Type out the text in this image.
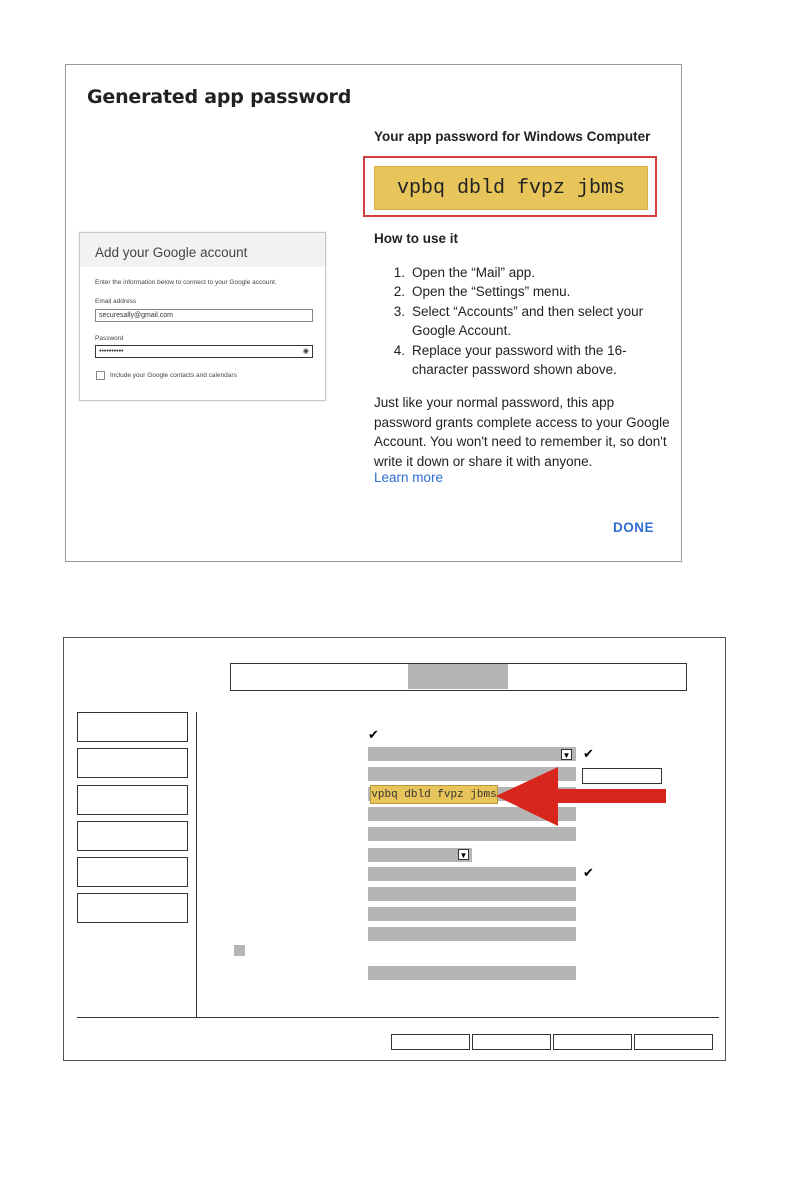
Generated app password
Your app password for Windows Computer
vpbq dbld fvpz jbms
How to use it
1. Open the “Mail” app.
2. Open the “Settings” menu.
3. Select “Accounts” and then select your Google Account.
4. Replace your password with the 16-character password shown above.
Just like your normal password, this app password grants complete access to your Google Account. You won't need to remember it, so don't write it down or share it with anyone.
Learn more
DONE
Add your Google account
Enter the information below to connect to your Google account.
Email address
securesally@gmail.com
Password
••••••••••	◉
Include your Google contacts and calendars
✔
▼ ✔
▼
✔
vpbq dbld fvpz jbms
